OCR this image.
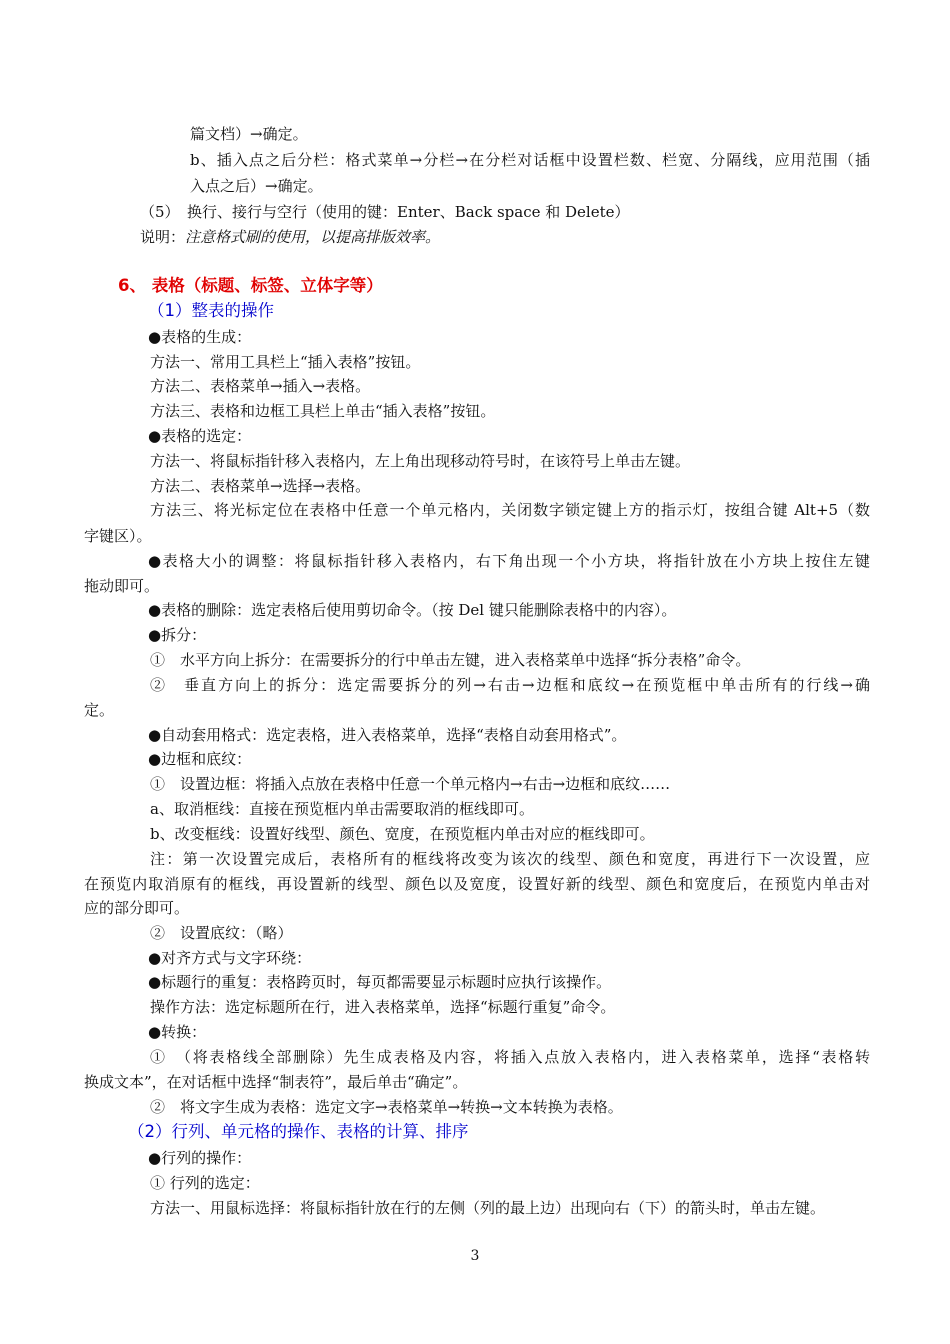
篇文档）→确定。
b、插入点之后分栏：格式菜单→分栏→在分栏对话框中设置栏数、栏宽、分隔线，应用范围（插
入点之后）→确定。
（5）　换行、接行与空行（使用的键：Enter、Back space 和 Delete）
说明：注意格式刷的使用，以提高排版效率。
6、 表格（标题、标签、立体字等）
（1）整表的操作
●表格的生成：
方法一、常用工具栏上“插入表格”按钮。
方法二、表格菜单→插入→表格。
方法三、表格和边框工具栏上单击“插入表格”按钮。
●表格的选定：
方法一、将鼠标指针移入表格内，左上角出现移动符号时，在该符号上单击左键。
方法二、表格菜单→选择→表格。
方法三、将光标定位在表格中任意一个单元格内，关闭数字锁定键上方的指示灯，按组合键 Alt+5（数
字键区）。
●表格大小的调整：将鼠标指针移入表格内，右下角出现一个小方块，将指针放在小方块上按住左键
拖动即可。
●表格的删除：选定表格后使用剪切命令。（按 Del 键只能删除表格中的内容）。
●拆分：
①　水平方向上拆分：在需要拆分的行中单击左键，进入表格菜单中选择“拆分表格”命令。
②　垂直方向上的拆分：选定需要拆分的列→右击→边框和底纹→在预览框中单击所有的行线→确
定。
●自动套用格式：选定表格，进入表格菜单，选择“表格自动套用格式”。
●边框和底纹：
①　设置边框：将插入点放在表格中任意一个单元格内→右击→边框和底纹……
a、取消框线：直接在预览框内单击需要取消的框线即可。
b、改变框线：设置好线型、颜色、宽度，在预览框内单击对应的框线即可。
注：第一次设置完成后，表格所有的框线将改变为该次的线型、颜色和宽度，再进行下一次设置，应
在预览内取消原有的框线，再设置新的线型、颜色以及宽度，设置好新的线型、颜色和宽度后，在预览内单击对
应的部分即可。
②　设置底纹：（略）
●对齐方式与文字环绕：
●标题行的重复：表格跨页时，每页都需要显示标题时应执行该操作。
操作方法：选定标题所在行，进入表格菜单，选择“标题行重复”命令。
●转换：
①　（将表格线全部删除）先生成表格及内容，将插入点放入表格内，进入表格菜单，选择“表格转
换成文本”，在对话框中选择“制表符”，最后单击“确定”。
②　将文字生成为表格：选定文字→表格菜单→转换→文本转换为表格。
（2）行列、单元格的操作、表格的计算、排序
●行列的操作：
① 行列的选定：
方法一、用鼠标选择：将鼠标指针放在行的左侧（列的最上边）出现向右（下）的箭头时，单击左键。
3
